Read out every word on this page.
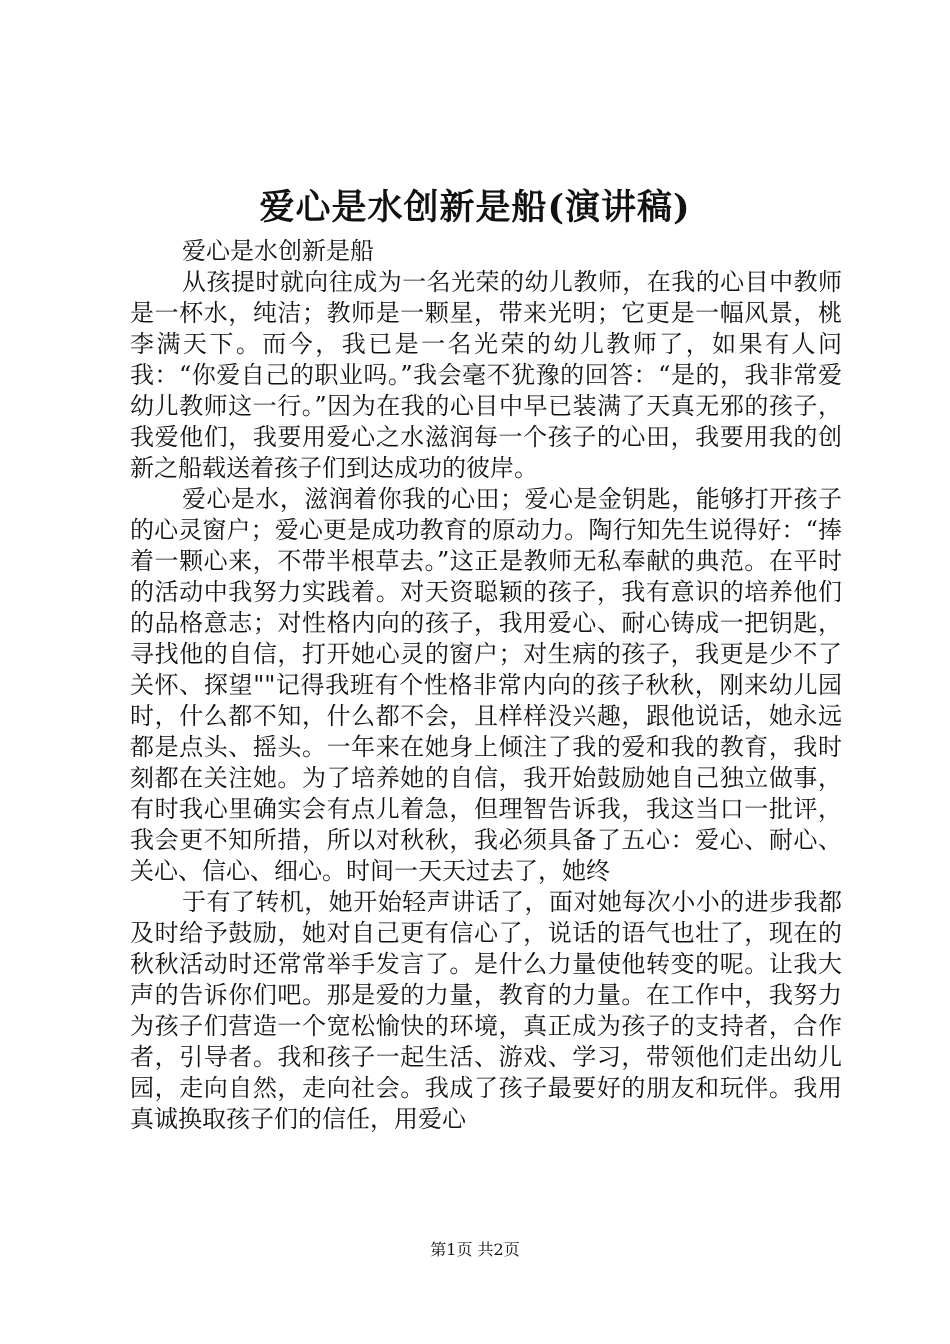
爱心是水创新是船(演讲稿)

爱心是水创新是船

从孩提时就向往成为一名光荣的幼儿教师，在我的心目中教师是一杯水，纯洁；教师是一颗星，带来光明；它更是一幅风景，桃李满天下。而今，我已是一名光荣的幼儿教师了，如果有人问我：“你爱自己的职业吗。”我会毫不犹豫的回答：“是的，我非常爱幼儿教师这一行。”因为在我的心目中早已装满了天真无邪的孩子，我爱他们，我要用爱心之水滋润每一个孩子的心田，我要用我的创新之船载送着孩子们到达成功的彼岸。

爱心是水，滋润着你我的心田；爱心是金钥匙，能够打开孩子的心灵窗户；爱心更是成功教育的原动力。陶行知先生说得好：“捧着一颗心来，不带半根草去。”这正是教师无私奉献的典范。在平时的活动中我努力实践着。对天资聪颖的孩子，我有意识的培养他们的品格意志；对性格内向的孩子，我用爱心、耐心铸成一把钥匙，寻找他的自信，打开她心灵的窗户；对生病的孩子，我更是少不了关怀、探望""记得我班有个性格非常内向的孩子秋秋，刚来幼儿园时，什么都不知，什么都不会，且样样没兴趣，跟他说话，她永远都是点头、摇头。一年来在她身上倾注了我的爱和我的教育，我时刻都在关注她。为了培养她的自信，我开始鼓励她自己独立做事，有时我心里确实会有点儿着急，但理智告诉我，我这当口一批评，我会更不知所措，所以对秋秋，我必须具备了五心：爱心、耐心、关心、信心、细心。时间一天天过去了，她终

于有了转机，她开始轻声讲话了，面对她每次小小的进步我都及时给予鼓励，她对自己更有信心了，说话的语气也壮了，现在的秋秋活动时还常常举手发言了。是什么力量使他转变的呢。让我大声的告诉你们吧。那是爱的力量，教育的力量。在工作中，我努力为孩子们营造一个宽松愉快的环境，真正成为孩子的支持者，合作者，引导者。我和孩子一起生活、游戏、学习，带领他们走出幼儿园，走向自然，走向社会。我成了孩子最要好的朋友和玩伴。我用真诚换取孩子们的信任，用爱心

第1页 共2页
